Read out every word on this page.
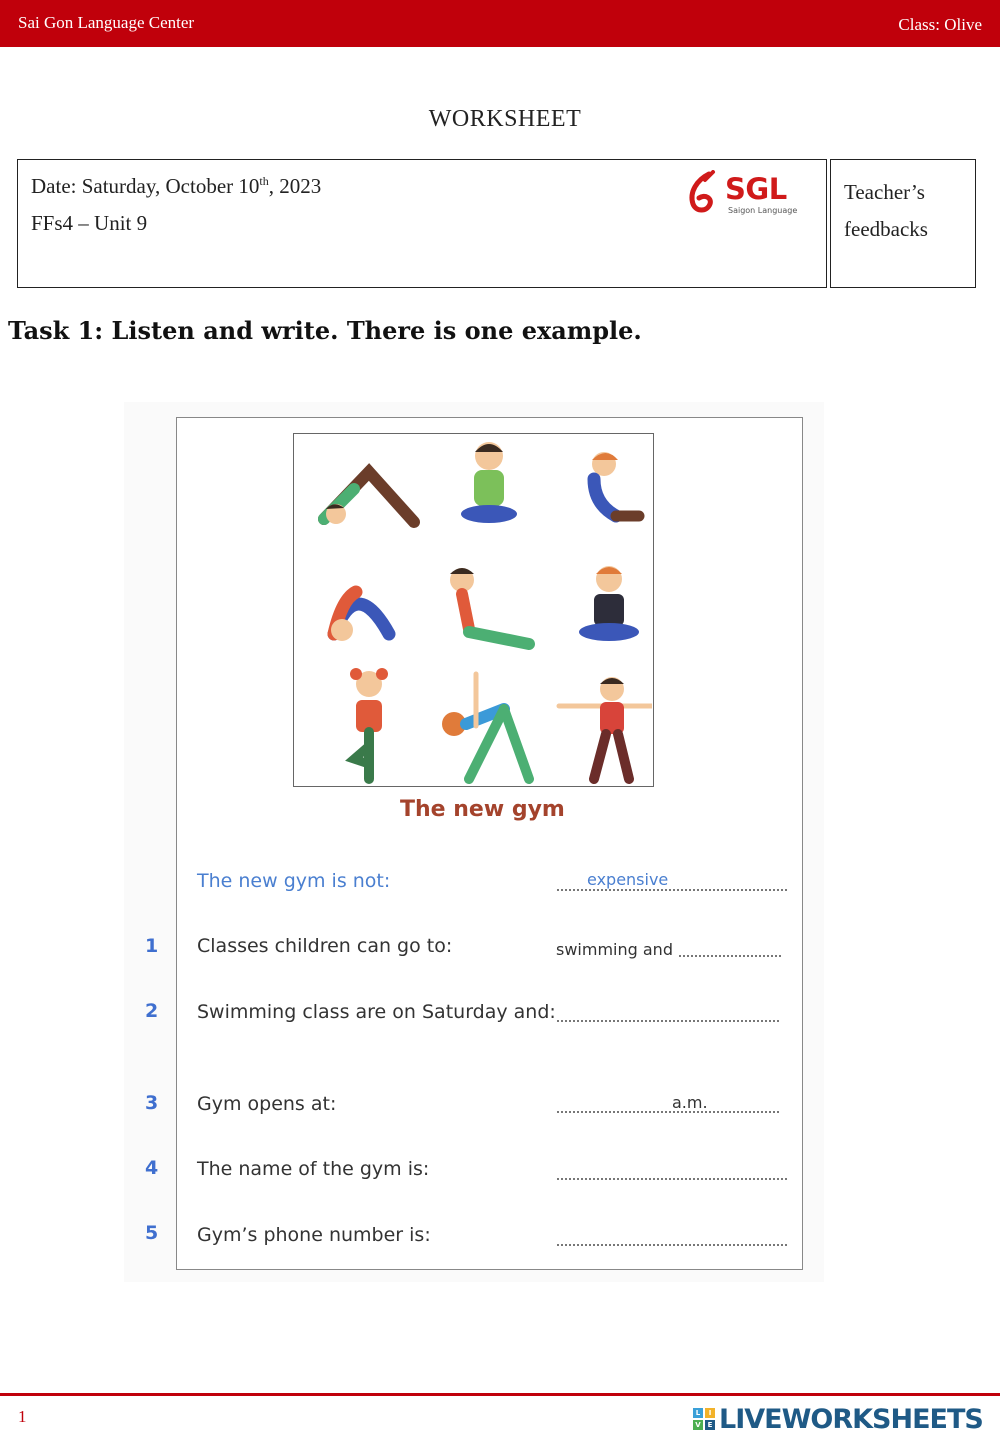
Sai Gon Language Center	Class: Olive
WORKSHEET
Date: Saturday, October 10th, 2023
FFs4 – Unit 9
SGL
Saigon Language
Teacher’s feedbacks
Task 1: Listen and write. There is one example.
The new gym
The new gym is not:	expensive
1 Classes children can go to:	swimming and
2 Swimming class are on Saturday and:
3 Gym opens at:	a.m.
4 The name of the gym is:
5 Gym’s phone number is:
1	L	I
V E LIVEWORKSHEETS
